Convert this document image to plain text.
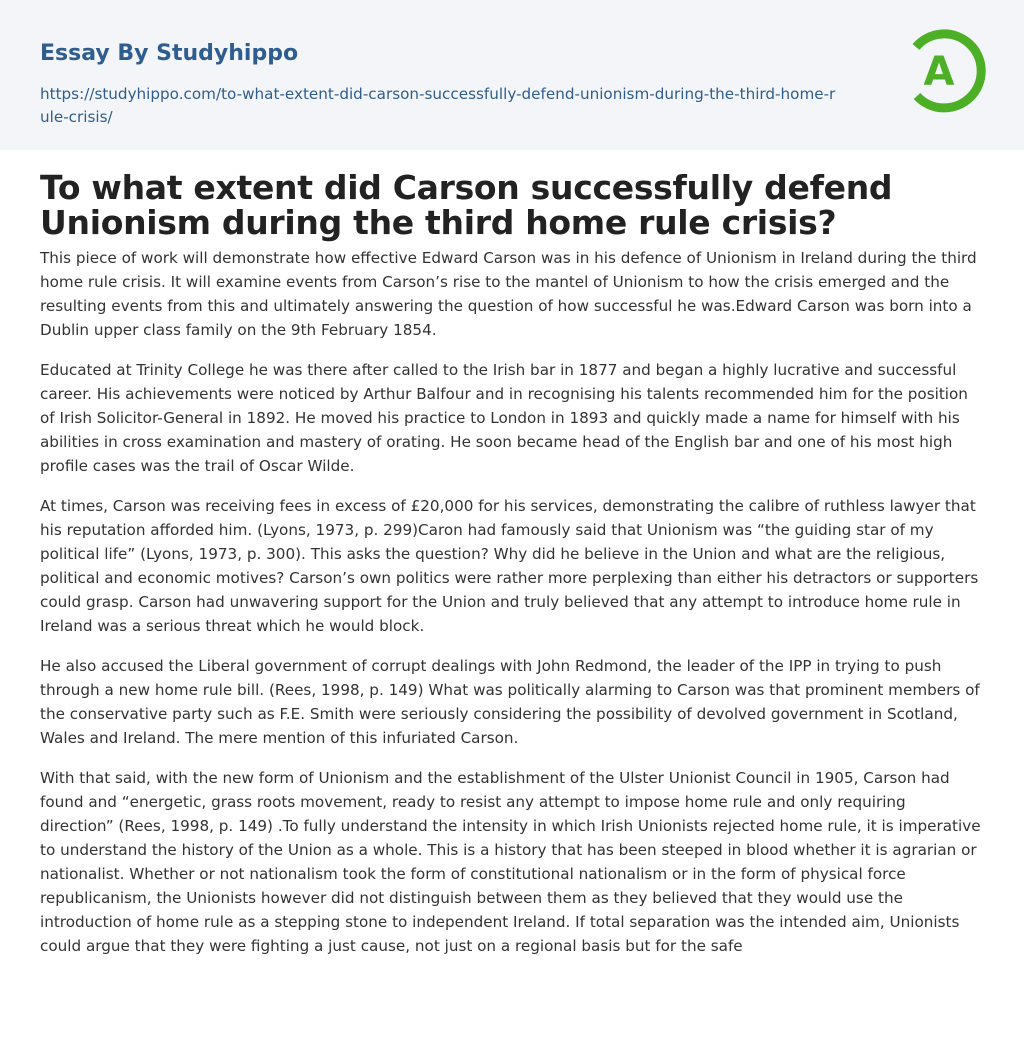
Essay By Studyhippo
https://studyhippo.com/to-what-extent-did-carson-successfully-defend-unionism-during-the-third-home-rule-crisis/
A
To what extent did Carson successfully defend Unionism during the third home rule crisis?

This piece of work will demonstrate how effective Edward Carson was in his defence of Unionism in Ireland during the third home rule crisis. It will examine events from Carson’s rise to the mantel of Unionism to how the crisis emerged and the resulting events from this and ultimately answering the question of how successful he was.Edward Carson was born into a Dublin upper class family on the 9th February 1854.

Educated at Trinity College he was there after called to the Irish bar in 1877 and began a highly lucrative and successful career. His achievements were noticed by Arthur Balfour and in recognising his talents recommended him for the position of Irish Solicitor-General in 1892. He moved his practice to London in 1893 and quickly made a name for himself with his abilities in cross examination and mastery of orating. He soon became head of the English bar and one of his most high profile cases was the trail of Oscar Wilde.

At times, Carson was receiving fees in excess of £20,000 for his services, demonstrating the calibre of ruthless lawyer that his reputation afforded him. (Lyons, 1973, p. 299)Caron had famously said that Unionism was “the guiding star of my political life” (Lyons, 1973, p. 300). This asks the question? Why did he believe in the Union and what are the religious, political and economic motives? Carson’s own politics were rather more perplexing than either his detractors or supporters could grasp. Carson had unwavering support for the Union and truly believed that any attempt to introduce home rule in Ireland was a serious threat which he would block.

He also accused the Liberal government of corrupt dealings with John Redmond, the leader of the IPP in trying to push through a new home rule bill. (Rees, 1998, p. 149) What was politically alarming to Carson was that prominent members of the conservative party such as F.E. Smith were seriously considering the possibility of devolved government in Scotland, Wales and Ireland. The mere mention of this infuriated Carson.

With that said, with the new form of Unionism and the establishment of the Ulster Unionist Council in 1905, Carson had found and “energetic, grass roots movement, ready to resist any attempt to impose home rule and only requiring direction” (Rees, 1998, p. 149) .To fully understand the intensity in which Irish Unionists rejected home rule, it is imperative to understand the history of the Union as a whole. This is a history that has been steeped in blood whether it is agrarian or nationalist. Whether or not nationalism took the form of constitutional nationalism or in the form of physical force republicanism, the Unionists however did not distinguish between them as they believed that they would use the introduction of home rule as a stepping stone to independent Ireland. If total separation was the intended aim, Unionists could argue that they were fighting a just cause, not just on a regional basis but for the safe
